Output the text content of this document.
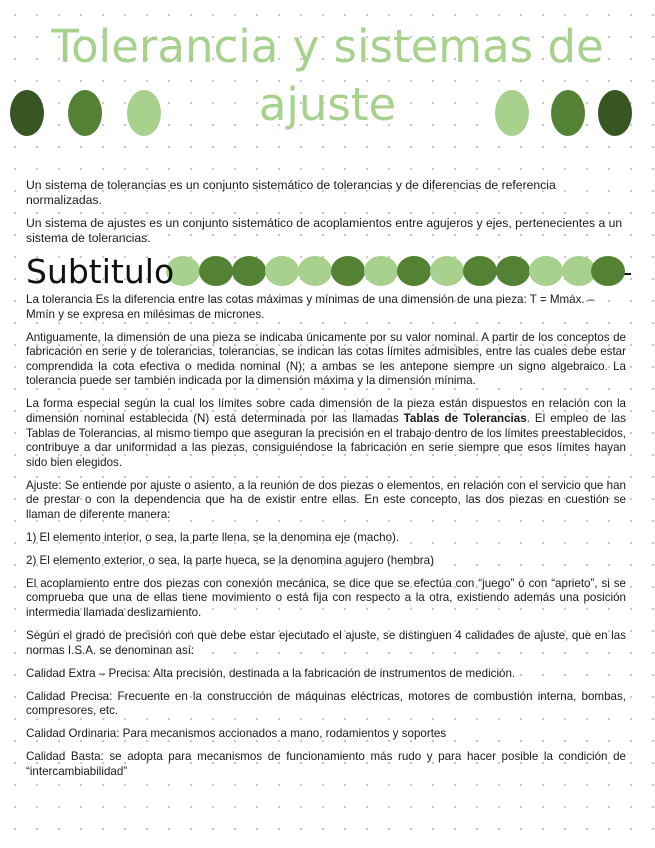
Tolerancia y sistemas de
ajuste

Un sistema de tolerancias es un conjunto sistemático de tolerancias y de diferencias de referencia normalizadas.

Un sistema de ajustes es un conjunto sistemático de acoplamientos entre agujeros y ejes, pertenecientes a un sistema de tolerancias.

Subtitulo

La tolerancia Es la diferencia entre las cotas máximas y mínimas de una dimensión de una pieza: T = Mmáx. – Mmín y se expresa en milésimas de micrones.

Antiguamente, la dimensión de una pieza se indicaba únicamente por su valor nominal. A partir de los conceptos de fabricación en serie y de tolerancias, tolerancias, se indican las cotas límites admisibles, entre las cuales debe estar comprendida la cota efectiva o medida nominal (N); a ambas se les antepone siempre un signo algebraico. La tolerancia puede ser también indicada por la dimensión máxima y la dimensión mínima.

La forma especial según la cual los límites sobre cada dimensión de la pieza están dispuestos en relación con la dimensión nominal establecida (N) está determinada por las llamadas Tablas de Tolerancias. El empleo de las Tablas de Tolerancias, al mismo tiempo que aseguran la precisión en el trabajo dentro de los límites preestablecidos, contribuye a dar uniformidad a las piezas, consiguiéndose la fabricación en serie siempre que esos límites hayan sido bien elegidos.

Ajuste: Se entiende por ajuste o asiento, a la reunión de dos piezas o elementos, en relación con el servicio que han de prestar o con la dependencia que ha de existir entre ellas. En este concepto, las dos piezas en cuestión se llaman de diferente manera:

1) El elemento interior, o sea, la parte llena, se la denomina eje (macho).

2) El elemento exterior, o sea, la parte hueca, se la denomina agujero (hembra)

El acoplamiento entre dos piezas con conexión mecánica, se dice que se efectúa con “juego” ó con “aprieto”, si se comprueba que una de ellas tiene movimiento o está fija con respecto a la otra, existiendo además una posición intermedia llamada deslizamiento.

Según el grado de precisión con que debe estar ejecutado el ajuste, se distinguen 4 calidades de ajuste, que en las normas I.S.A. se denominan así:

Calidad Extra – Precisa: Alta precisión, destinada a la fabricación de instrumentos de medición.

Calidad Precisa: Frecuente en la construcción de máquinas eléctricas, motores de combustión interna, bombas, compresores, etc.

Calidad Ordinaria: Para mecanismos accionados a mano, rodamientos y soportes

Calidad Basta: se adopta para mecanismos de funcionamiento más rudo y para hacer posible la condición de “intercambiabilidad”
